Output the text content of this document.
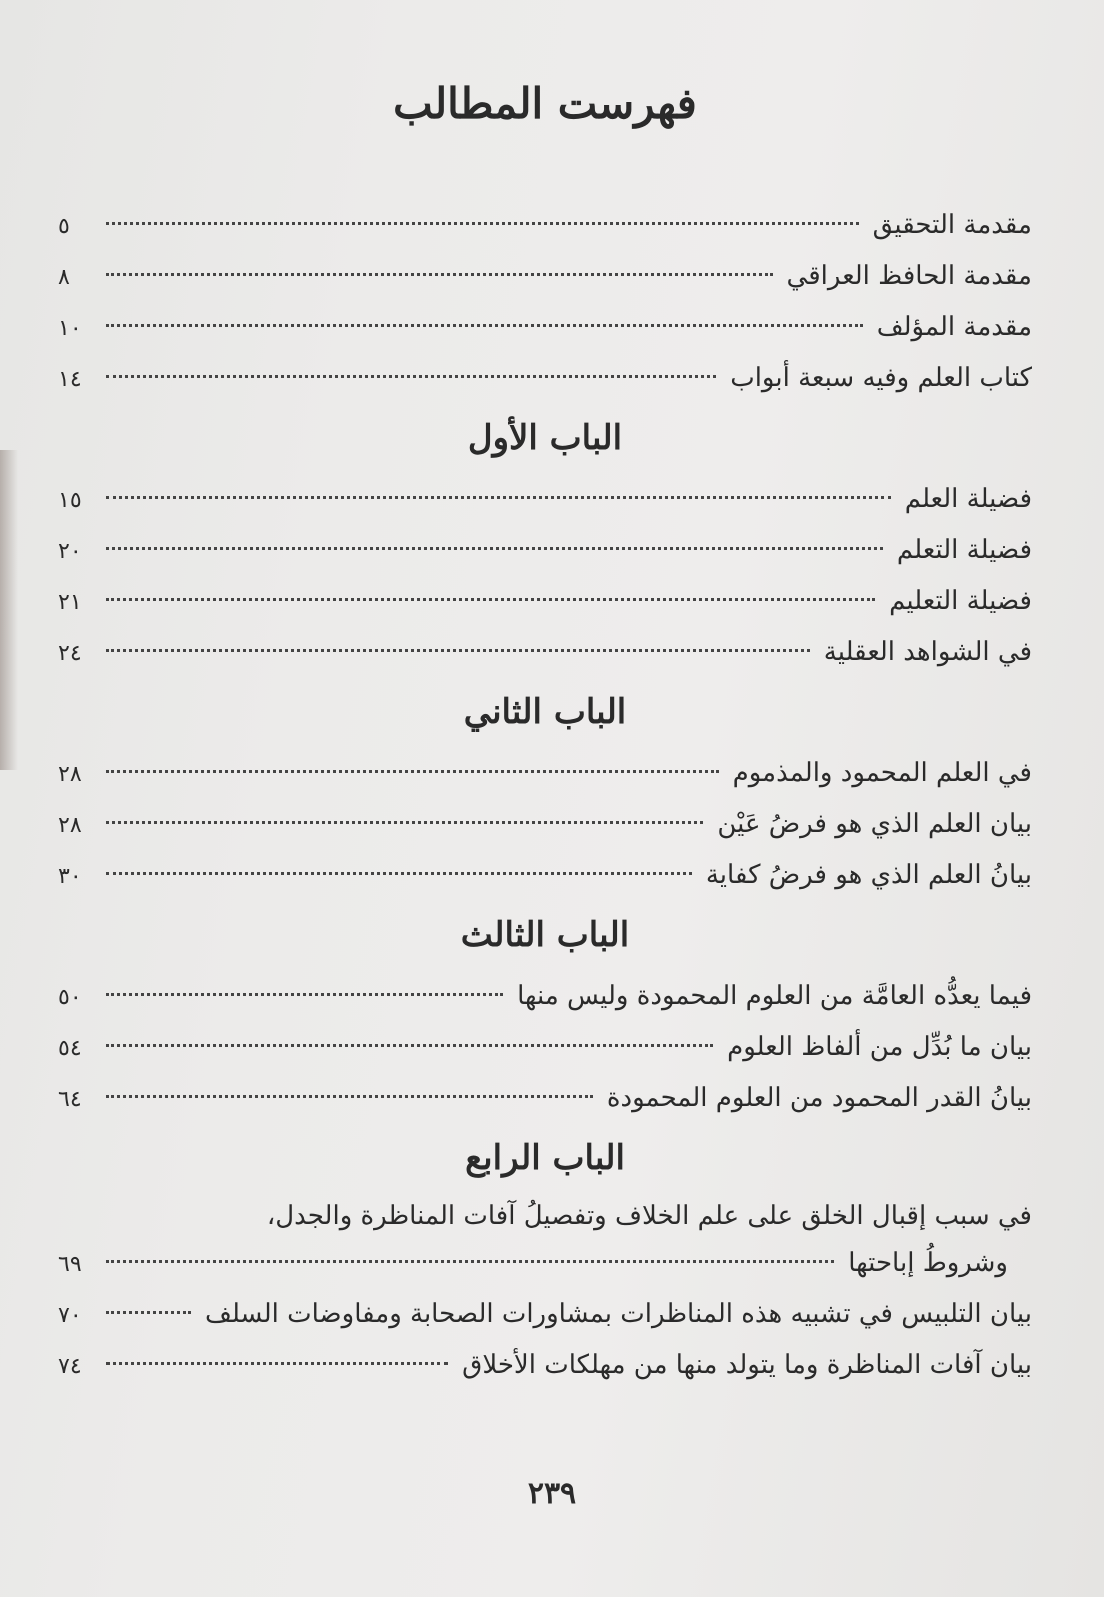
فهرست المطالب
مقدمة التحقيق
٥
مقدمة الحافظ العراقي
٨
مقدمة المؤلف
١٠
كتاب العلم وفيه سبعة أبواب
١٤
الباب الأول
فضيلة العلم
١٥
فضيلة التعلم
٢٠
فضيلة التعليم
٢١
في الشواهد العقلية
٢٤
الباب الثاني
في العلم المحمود والمذموم
٢٨
بيان العلم الذي هو فرضُ عَيْن
٢٨
بيانُ العلم الذي هو فرضُ كفاية
٣٠
الباب الثالث
فيما يعدُّه العامَّة من العلوم المحمودة وليس منها
٥٠
بيان ما بُدِّل من ألفاظ العلوم
٥٤
بيانُ القدر المحمود من العلوم المحمودة
٦٤
الباب الرابع
في سبب إقبال الخلق على علم الخلاف وتفصيلُ آفات المناظرة والجدل،
وشروطُ إباحتها
٦٩
بيان التلبيس في تشبيه هذه المناظرات بمشاورات الصحابة ومفاوضات السلف
٧٠
بيان آفات المناظرة وما يتولد منها من مهلكات الأخلاق
٧٤
٢٣٩
